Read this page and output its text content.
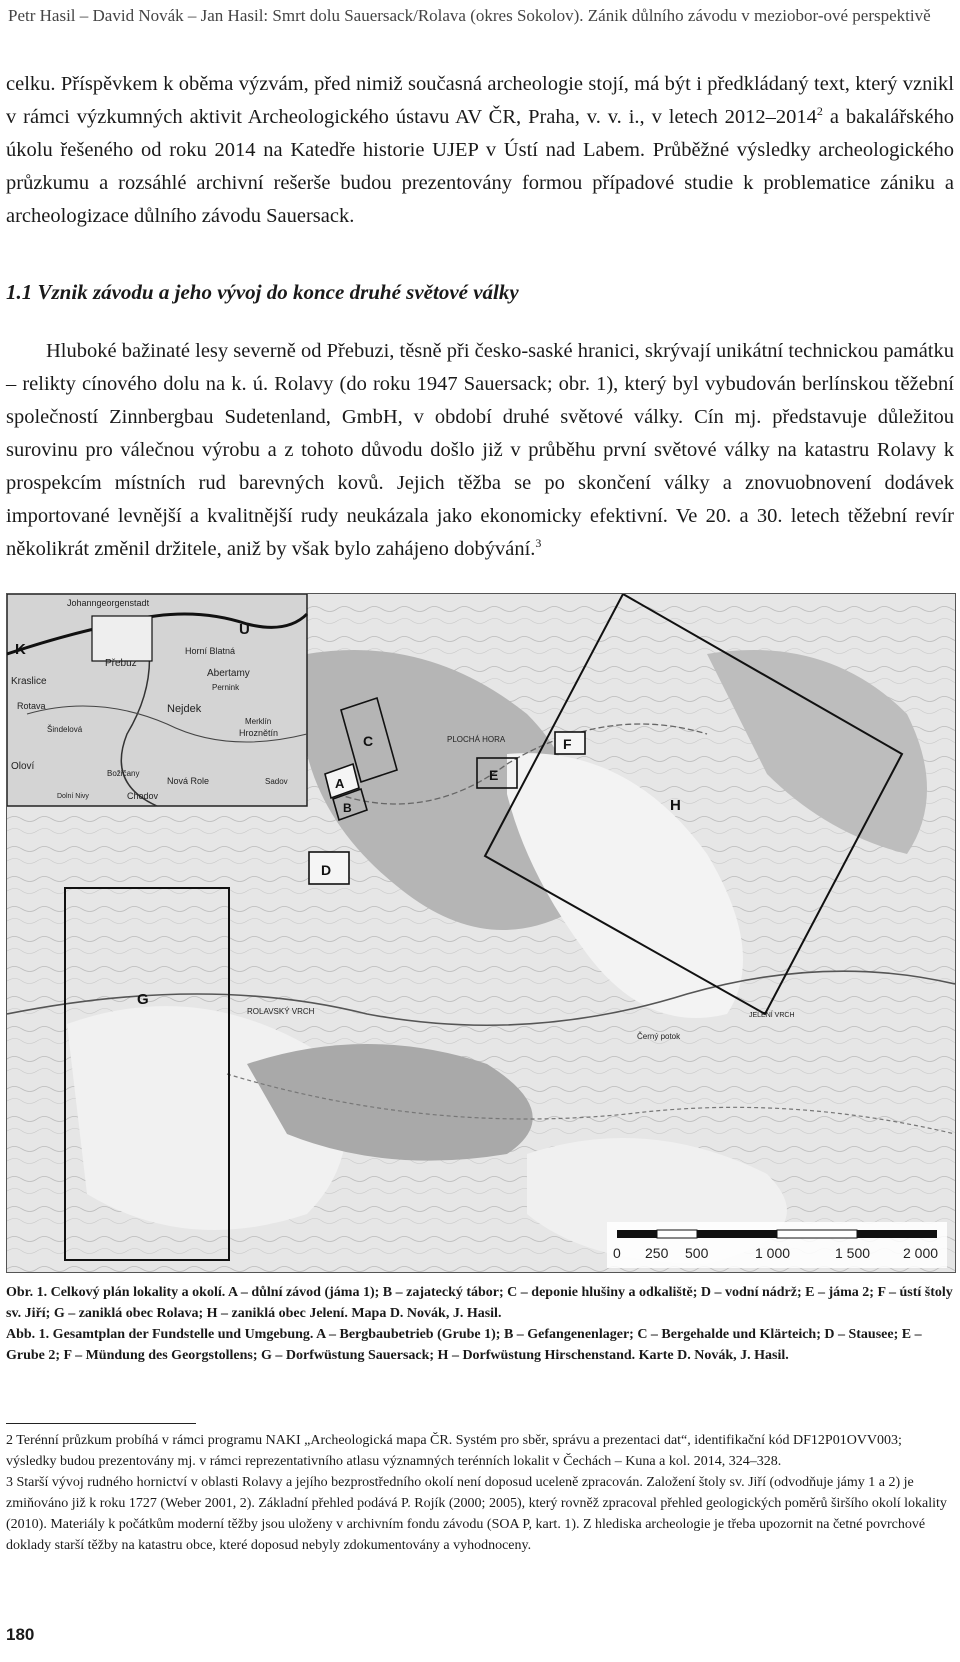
Petr Hasil – David Novák – Jan Hasil: Smrt dolu Sauersack/Rolava (okres Sokolov). Zánik důlního závodu v meziobor-ové perspektivě
celku. Příspěvkem k oběma výzvám, před nimiž současná archeologie stojí, má být i předkládaný text, který vznikl v rámci výzkumných aktivit Archeologického ústavu AV ČR, Praha, v. v. i., v letech 2012–2014$^2$ a bakalářského úkolu řešeného od roku 2014 na Katedře historie UJEP v Ústí nad Labem. Průběžné výsledky archeologického průzkumu a rozsáhlé archivní rešerše budou prezentovány formou případové studie k problematice zániku a archeologizace důlního závodu Sauersack.
1.1 Vznik závodu a jeho vývoj do konce druhé světové války
Hluboké bažinaté lesy severně od Přebuzi, těsně při česko-saské hranici, skrývají unikátní technickou památku – relikty cínového dolu na k. ú. Rolavy (do roku 1947 Sauersack; obr. 1), který byl vybudován berlínskou těžební společností Zinnbergbau Sudetenland, GmbH, v období druhé světové války. Cín mj. představuje důležitou surovinu pro válečnou výrobu a z tohoto důvodu došlo již v průběhu první světové války na katastru Rolavy k prospekcím místních rud barevných kovů. Jejich těžba se po skončení války a znovuobnovení dodávek importované levnější a kvalitnější rudy neukázala jako ekonomicky efektivní. Ve 20. a 30. letech těžební revír několikrát změnil držitele, aniž by však bylo zahájeno dobývání.$^3$
K
U
Johanngeorgenstadt
Přebuz
Kraslice
Rotava
Horní Blatná
Abertamy
Pernink
Nejdek
Merklín
Hroznětín
Oloví
Božičany
Nová Role
Chodov
Sadov
Šindelová
Dolní Nivy
PLOCHÁ HORA
ROLAVSKÝ VRCH	JELENÍ VRCH
Černý potok
H
F
E
C
A
B
D
G
0 250 500	1 000	1 500 2 000

Obr. 1. Celkový plán lokality a okolí. A – důlní závod (jáma 1); B – zajatecký tábor; C – deponie hlušiny a odkaliště; D – vodní nádrž; E – jáma 2; F – ústí štoly sv. Jiří; G – zaniklá obec Rolava; H – zaniklá obec Jelení. Mapa D. Novák, J. Hasil.

Abb. 1. Gesamtplan der Fundstelle und Umgebung. A – Bergbaubetrieb (Grube 1); B – Gefangenenlager; C – Bergehalde und Klärteich; D – Stausee; E – Grube 2; F – Mündung des Georgstollens; G – Dorfwüstung Sauersack; H – Dorfwüstung Hirschenstand. Karte D. Novák, J. Hasil.

2 Terénní průzkum probíhá v rámci programu NAKI „Archeologická mapa ČR. Systém pro sběr, správu a prezentaci dat“, identifikační kód DF12P01OVV003; výsledky budou prezentovány mj. v rámci reprezentativního atlasu významných terénních lokalit v Čechách – Kuna a kol. 2014, 324–328.

3 Starší vývoj rudného hornictví v oblasti Rolavy a jejího bezprostředního okolí není doposud uceleně zpracován. Založení štoly sv. Jiří (odvodňuje jámy 1 a 2) je zmiňováno již k roku 1727 (Weber 2001, 2). Základní přehled podává P. Rojík (2000; 2005), který rovněž zpracoval přehled geologických poměrů širšího okolí lokality (2010). Materiály k počátkům moderní těžby jsou uloženy v archivním fondu závodu (SOA P, kart. 1). Z hlediska archeologie je třeba upozornit na četné povrchové doklady starší těžby na katastru obce, které doposud nebyly zdokumentovány a vyhodnoceny.

180
